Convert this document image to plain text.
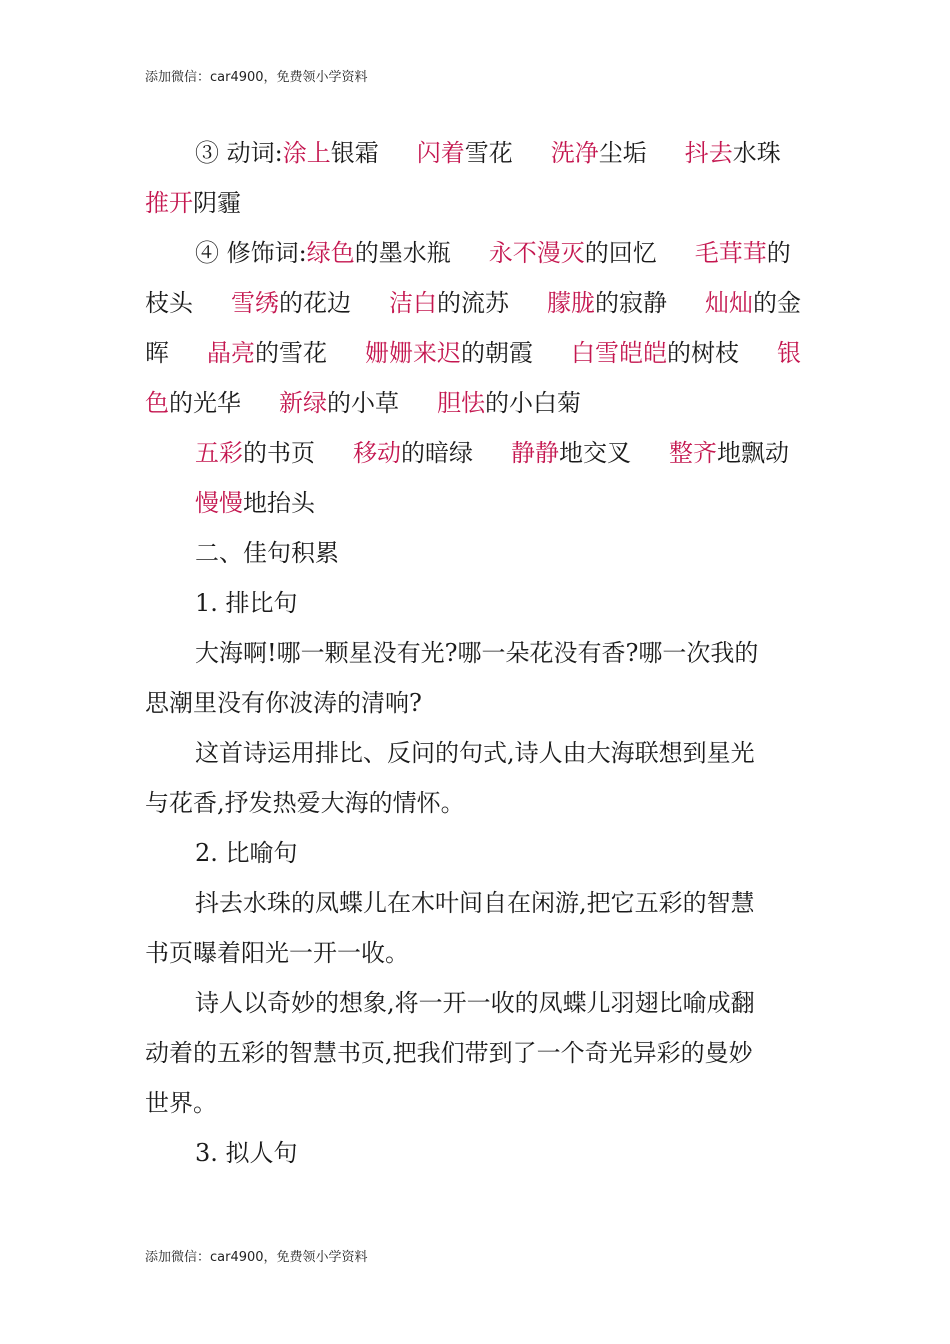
添加微信：car4900，免费领小学资料
③ 动词:涂上银霜 闪着雪花 洗净尘垢 抖去水珠
推开阴霾
④ 修饰词:绿色的墨水瓶 永不漫灭的回忆 毛茸茸的
枝头 雪绣的花边 洁白的流苏 朦胧的寂静 灿灿的金
晖 晶亮的雪花 姗姗来迟的朝霞 白雪皑皑的树枝 银
色的光华 新绿的小草 胆怯的小白菊
五彩的书页 移动的暗绿 静静地交叉 整齐地飘动
慢慢地抬头
二、佳句积累
1. 排比句
大海啊!哪一颗星没有光?哪一朵花没有香?哪一次我的
思潮里没有你波涛的清响?
这首诗运用排比、反问的句式,诗人由大海联想到星光
与花香,抒发热爱大海的情怀。
2. 比喻句
抖去水珠的凤蝶儿在木叶间自在闲游,把它五彩的智慧
书页曝着阳光一开一收。
诗人以奇妙的想象,将一开一收的凤蝶儿羽翅比喻成翻
动着的五彩的智慧书页,把我们带到了一个奇光异彩的曼妙
世界。
3. 拟人句
添加微信：car4900，免费领小学资料
